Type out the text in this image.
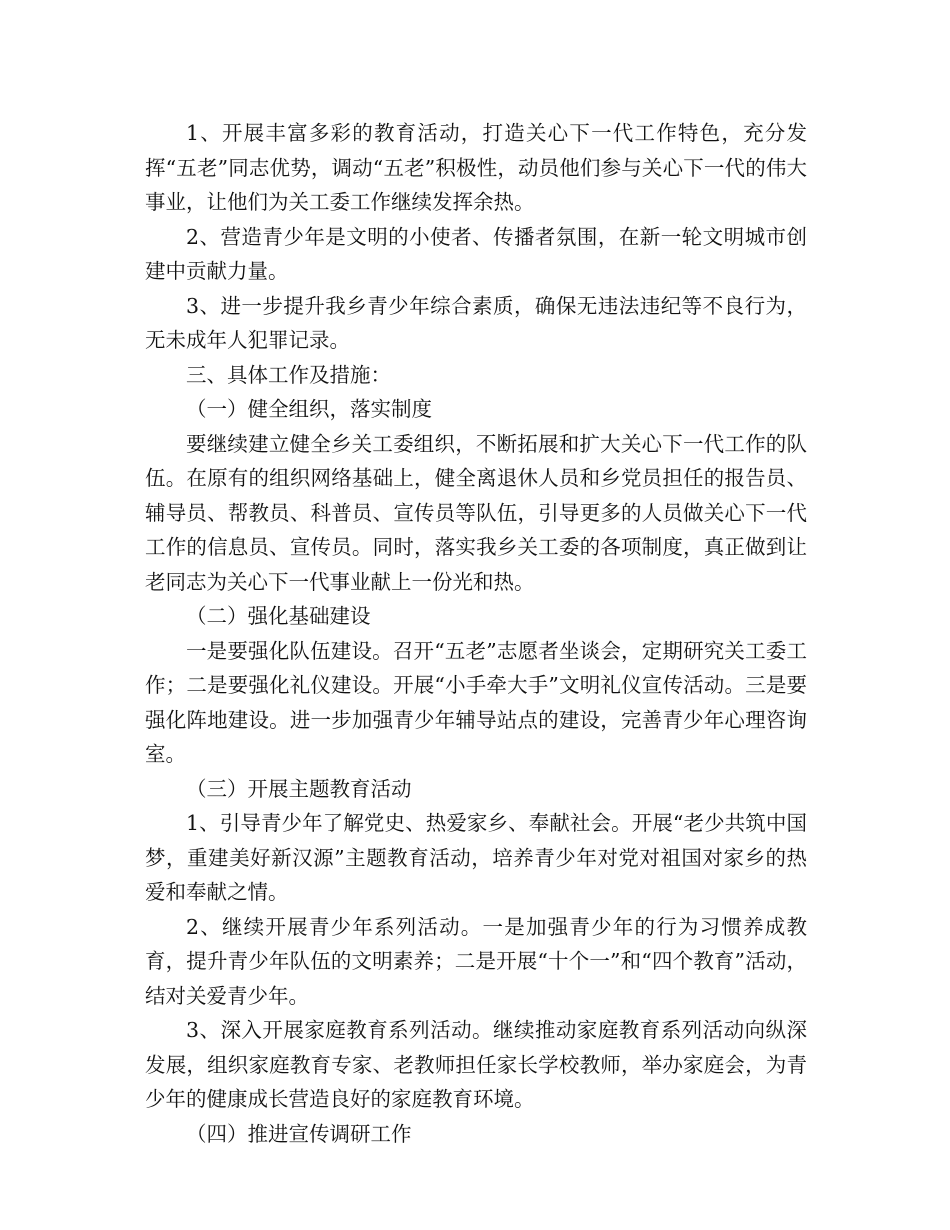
1、开展丰富多彩的教育活动，打造关心下一代工作特色，充分发挥“五老”同志优势，调动“五老”积极性，动员他们参与关心下一代的伟大事业，让他们为关工委工作继续发挥余热。

2、营造青少年是文明的小使者、传播者氛围，在新一轮文明城市创建中贡献力量。

3、进一步提升我乡青少年综合素质，确保无违法违纪等不良行为，无未成年人犯罪记录。

三、具体工作及措施：

（一）健全组织，落实制度

要继续建立健全乡关工委组织，不断拓展和扩大关心下一代工作的队伍。在原有的组织网络基础上，健全离退休人员和乡党员担任的报告员、辅导员、帮教员、科普员、宣传员等队伍，引导更多的人员做关心下一代工作的信息员、宣传员。同时，落实我乡关工委的各项制度，真正做到让老同志为关心下一代事业献上一份光和热。

（二）强化基础建设

一是要强化队伍建设。召开“五老”志愿者坐谈会，定期研究关工委工作；二是要强化礼仪建设。开展“小手牵大手”文明礼仪宣传活动。三是要强化阵地建设。进一步加强青少年辅导站点的建设，完善青少年心理咨询室。

（三）开展主题教育活动

1、引导青少年了解党史、热爱家乡、奉献社会。开展“老少共筑中国梦，重建美好新汉源”主题教育活动，培养青少年对党对祖国对家乡的热爱和奉献之情。

2、继续开展青少年系列活动。一是加强青少年的行为习惯养成教育，提升青少年队伍的文明素养；二是开展“十个一”和“四个教育”活动，结对关爱青少年。

3、深入开展家庭教育系列活动。继续推动家庭教育系列活动向纵深发展，组织家庭教育专家、老教师担任家长学校教师，举办家庭会，为青少年的健康成长营造良好的家庭教育环境。

（四）推进宣传调研工作
